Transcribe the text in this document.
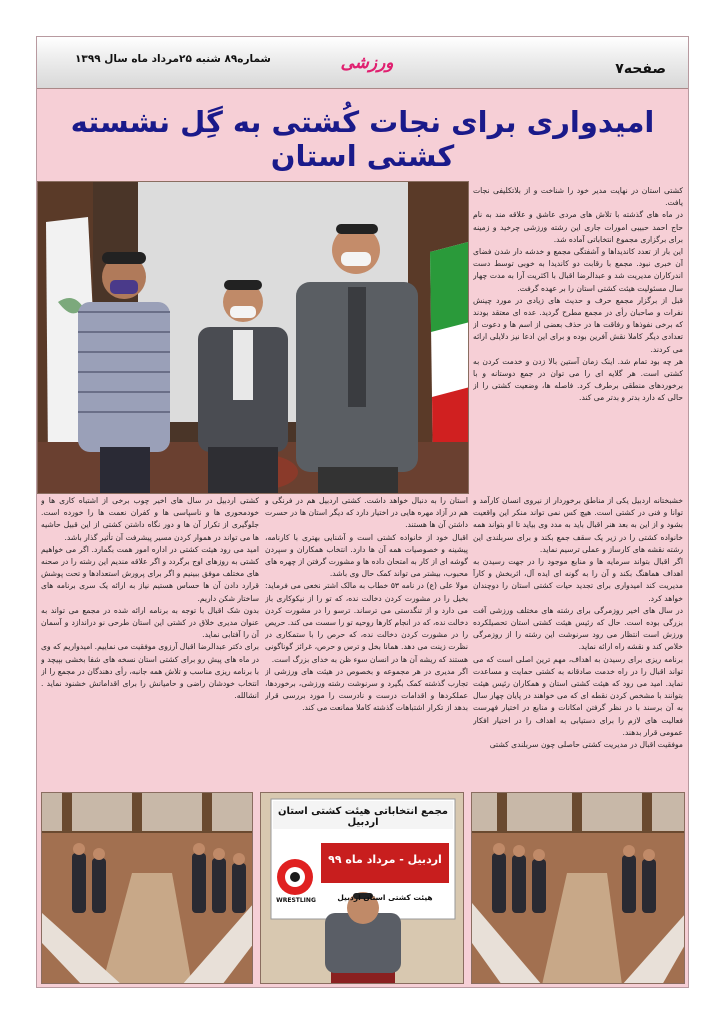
صفحه۷
ورزشی
شماره۸۹ شنبه ۲۵مرداد ماه سال ۱۳۹۹
امیدواری برای نجات کُشتی به گِل نشسته کشتی استان

کشتی استان در نهایت مدیر خود را شناخت و از بلاتکلیفی نجات یافت.

در ماه های گذشته با تلاش های مردی عاشق و علاقه مند به نام حاج احمد حبیبی امورات جاری این رشته ورزشی چرخید و زمینه برای برگزاری مجموع انتخاباتی آماده شد.

این بار از تعدد کاندیداها و آشفتگی مجمع و خدشه دار شدن فضای آن خبری نبود. مجمع با رقابت دو کاندیدا به خوبی توسط دست اندرکاران مدیریت شد و عبدالرضا اقبال با اکثریت آرا به مدت چهار سال مسئولیت هیئت کشتی استان را بر عهده گرفت.

قبل از برگزار مجمع حرف و حدیث های زیادی در مورد چینش نفرات و صاحبان رأی در مجمع مطرح گردید. عده ای معتقد بودند که برخی نفوذها و رفاقت ها در حذف بعضی از اسم ها و دعوت از تعدادی دیگر کاملا نقش آفرین بوده و برای این ادعا نیز دلایلی ارائه می کردند.

هر چه بود تمام شد. اینک زمان آستین بالا زدن و خدمت کردن به کشتی است. هر گلایه ای را می توان در جمع دوستانه و با برخوردهای منطقی برطرف کرد. فاصله ها، وضعیت کشتی را از حالی که دارد بدتر و بدتر می کند.

خشبختانه اردبیل یکی از مناطق برخوردار از نیروی انسان کارآمد و توانا و فنی در کشتی است. هیچ کس نمی تواند منکر این واقعیت بشود و از این به بعد هنر اقبال باید به مدد وی بیاید تا او بتواند همه خانواده کشتی را در زیر یک سقف جمع بکند و برای سربلندی این رشته نقشه های کارساز و عملی ترسیم نماید.

اگر اقبال بتواند سرمایه ها و منابع موجود را در جهت رسیدن به اهداف هماهنگ بکند و آن را به گونه ای ایده آل، اثربخش و کارآ مدیریت کند امیدواری برای تجدید حیات کشتی استان را دوچندان خواهد کرد.

در سال های اخیر روزمرگی برای رشته های مختلف ورزشی آفت بزرگی بوده است. حال که رئیس هیئت کشتی استان تحصیلکرده ورزش است انتظار می رود سرنوشت این رشته را از روزمرگی خلاص کند و نقشه راه ارائه نماید.

برنامه ریزی برای رسیدن به اهداف، مهم ترین اصلی است که می تواند اقبال را در راه خدمت صادقانه به کشتی حمایت و مساعدت نماید. امید می رود که هیئت کشتی استان و همکاران رئیس هیئت بتوانند با مشخص کردن نقطه ای که می خواهند در پایان چهار سال به آن برسند با در نظر گرفتن امکانات و منابع در اختیار فهرست فعالیت های لازم را برای دستیابی به اهداف را در اختیار افکار عمومی قرار بدهند.

موفقیت اقبال در مدیریت کشتی حاصلی چون سربلندی کشتی

استان را به دنبال خواهد داشت. کشتی اردبیل هم در فرنگی و هم در آزاد مهره هایی در اختیار دارد که دیگر استان ها در حسرت داشتن آن ها هستند.

اقبال خود از خانواده کشتی است و آشنایی بهتری با کارنامه، پیشینه و خصوصیات همه آن ها دارد. انتخاب همکاران و سپردن گوشه ای از کار به امتحان داده ها و مشورت گرفتن از چهره های محبوب، بیشتر می تواند کمک حال وی باشد.

مولا علی (ع) در نامه ۵۳ خطاب به مالک اشتر نخعی می فرماید: بخیل را در مشورت کردن دخالت نده، که تو را از نیکوکاری باز می دارد و از تنگدستی می ترساند. ترسو را در مشورت کردن دخالت نده، که در انجام کارها روحیه تو را سست می کند. حریص را در مشورت کردن دخالت نده، که حرص را با ستمکاری در نظرت زینت می دهد. همانا بخل و ترس و حرص، غرائز گوناگونی هستند که ریشه آن ها در انسان سوء ظن به خدای بزرگ است.

اگر مدیری در هر مجموعه و بخصوص در هیئت های ورزشی از تجارب گذشته کمک بگیرد و سرنوشت رشته ورزشی، برخوردها، عملکردها و اقدامات درست و نادرست را مورد بررسی قرار بدهد از تکرار اشتباهات گذشته کاملا ممانعت می کند.

کشتی اردبیل در سال های اخیر چوب برخی از اشتباه کاری ها و خودمحوری ها و ناسپاسی ها و کفران نعمت ها را خورده است. جلوگیری از تکرار آن ها و دور نگاه داشتن کشتی از این قبیل حاشیه ها می تواند در هموار کردن مسیر پیشرفت آن تأثیر گذار باشد.

امید می رود هیئت کشتی در اداره امور همت بگمارد. اگر می خواهیم کشتی به روزهای اوج برگردد و اگر علاقه مندیم این رشته را در صحنه های مختلف موفق ببینیم و اگر برای پرورش استعدادها و تحت پوشش قرارد دادن آن ها حساس هستیم نیاز به ارائه یک سری برنامه های ساختار شکن داریم.

بدون شک اقبال با توجه به برنامه ارائه شده در مجمع می تواند به عنوان مدیری خلاق در کشتی این استان طرحی نو دراندازد و آسمان آن را آفتابی نماید.

برای دکتر عبدالرضا اقبال آرزوی موفقیت می نماییم. امیدواریم که وی در ماه های پیش رو برای کشتی استان نسخه های شفا بخشی بپیچد و با برنامه ریزی مناسب و تلاش همه جانبه، رأی دهندگان در مجمع را از انتخاب خودشان راضی و حامیانش را برای اقداماتش خشنود نماید . انشالله.

مجمع انتخاباتی هیئت کشتی استان اردبیل
اردبیل - مرداد ماه ۹۹
WRESTLING	هیئت کشتی استان اردبیل
